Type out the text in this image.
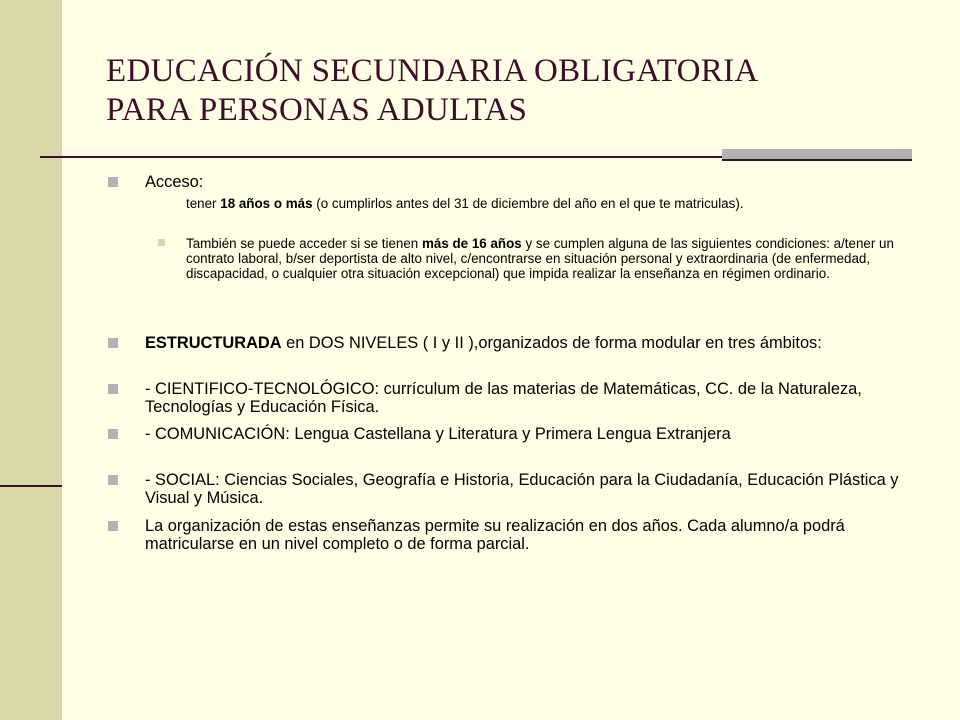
EDUCACIÓN SECUNDARIA OBLIGATORIA
PARA PERSONAS ADULTAS
Acceso:
tener 18 años o más (o cumplirlos antes del 31 de diciembre del año en el que te matriculas).
También se puede acceder si se tienen más de 16 años y se cumplen alguna de las siguientes condiciones: a/tener un contrato laboral, b/ser deportista de alto nivel, c/encontrarse en situación personal y extraordinaria (de enfermedad, discapacidad, o cualquier otra situación excepcional) que impida realizar la enseñanza en régimen ordinario.
ESTRUCTURADA en DOS NIVELES ( I y II ),organizados de forma modular en tres ámbitos:
- CIENTIFICO-TECNOLÓGICO: currículum de las materias de Matemáticas, CC. de la Naturaleza, Tecnologías y Educación Física.
- COMUNICACIÓN: Lengua Castellana y Literatura y Primera Lengua Extranjera
- SOCIAL: Ciencias Sociales, Geografía e Historia, Educación para la Ciudadanía, Educación Plástica y Visual y Música.
La organización de estas enseñanzas permite su realización en dos años. Cada alumno/a podrá matricularse en un nivel completo o de forma parcial.
